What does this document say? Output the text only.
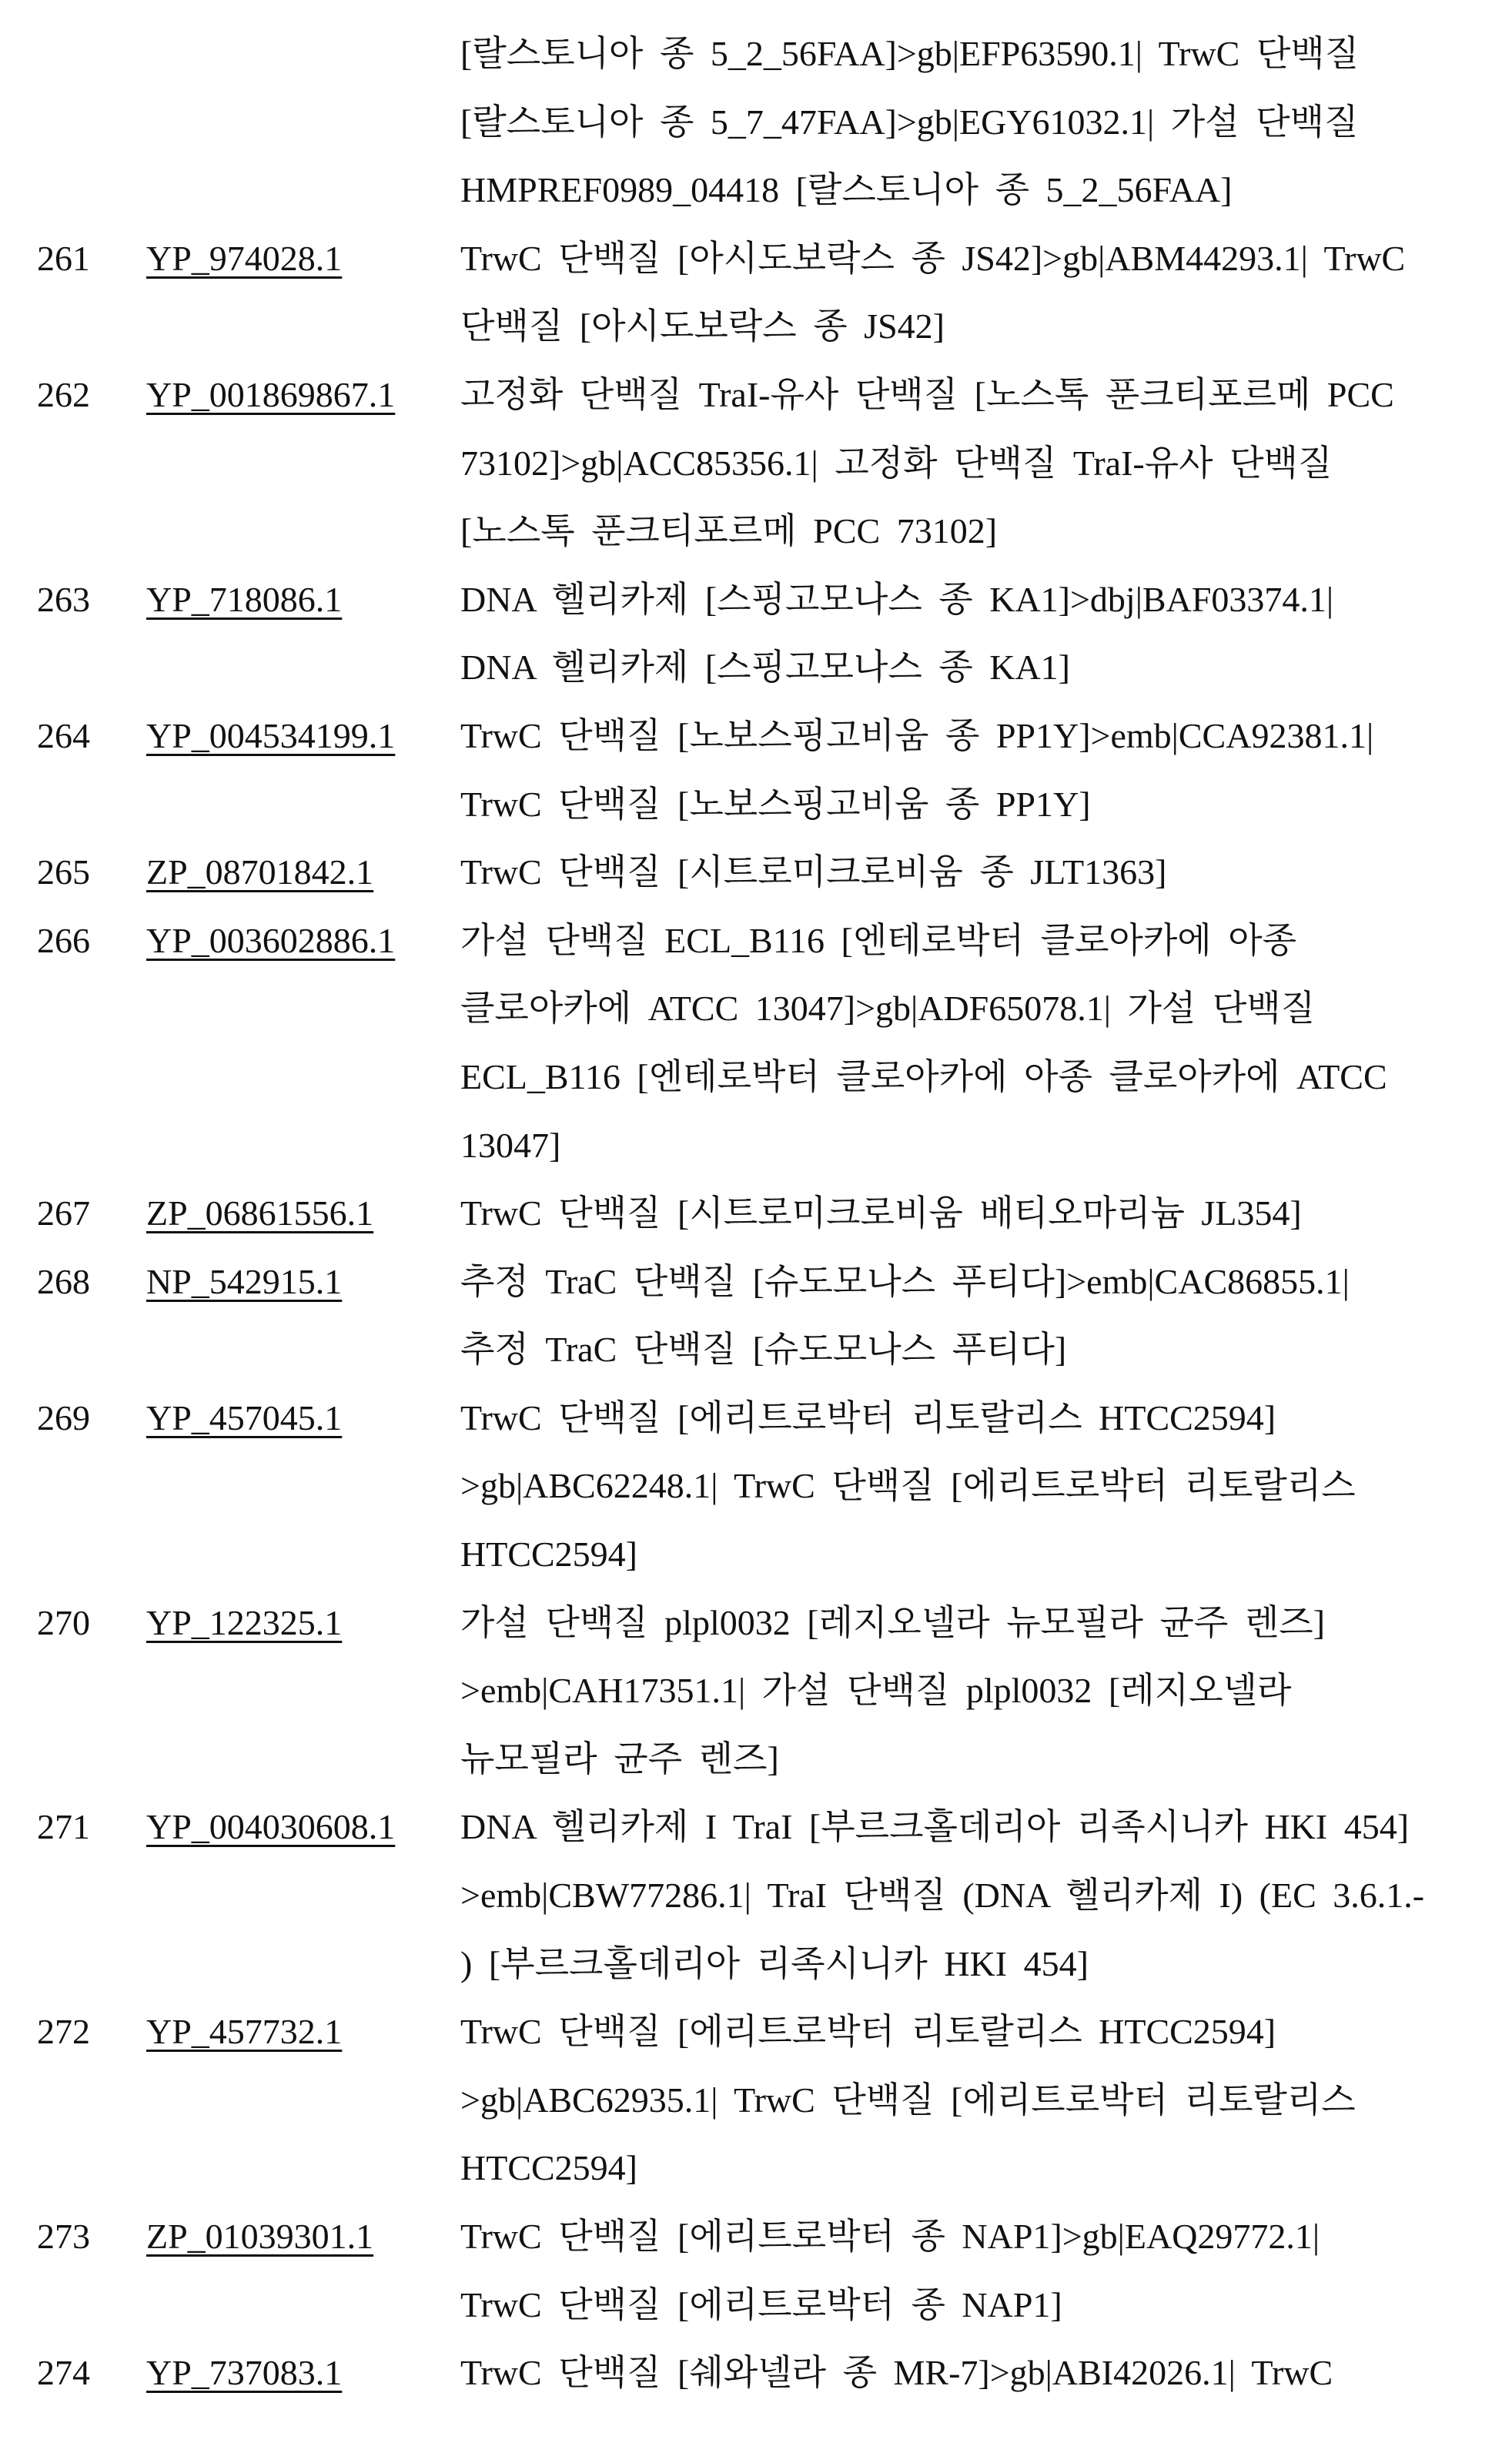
[랄스토니아 종 5_2_56FAA]>gb|EFP63590.1| TrwC 단백질
[랄스토니아 종 5_7_47FAA]>gb|EGY61032.1| 가설 단백질
HMPREF0989_04418 [랄스토니아 종 5_2_56FAA]
261	YP_974028.1	TrwC 단백질 [아시도보락스 종 JS42]>gb|ABM44293.1| TrwC
단백질 [아시도보락스 종 JS42]
262	YP_001869867.1	고정화 단백질 TraI-유사 단백질 [노스톡 푼크티포르메 PCC
73102]>gb|ACC85356.1| 고정화 단백질 TraI-유사 단백질
[노스톡 푼크티포르메 PCC 73102]
263	YP_718086.1	DNA 헬리카제 [스핑고모나스 종 KA1]>dbj|BAF03374.1|
DNA 헬리카제 [스핑고모나스 종 KA1]
264	YP_004534199.1	TrwC 단백질 [노보스핑고비움 종 PP1Y]>emb|CCA92381.1|
TrwC 단백질 [노보스핑고비움 종 PP1Y]
265	ZP_08701842.1	TrwC 단백질 [시트로미크로비움 종 JLT1363]
266	YP_003602886.1	가설 단백질 ECL_B116 [엔테로박터 클로아카에 아종
클로아카에 ATCC 13047]>gb|ADF65078.1| 가설 단백질
ECL_B116 [엔테로박터 클로아카에 아종 클로아카에 ATCC
13047]
267	ZP_06861556.1	TrwC 단백질 [시트로미크로비움 배티오마리늄 JL354]
268	NP_542915.1	추정 TraC 단백질 [슈도모나스 푸티다]>emb|CAC86855.1|
추정 TraC 단백질 [슈도모나스 푸티다]
269	YP_457045.1	TrwC 단백질 [에리트로박터 리토랄리스 HTCC2594]
>gb|ABC62248.1| TrwC 단백질 [에리트로박터 리토랄리스
HTCC2594]
270	YP_122325.1	가설 단백질 plpl0032 [레지오넬라 뉴모필라 균주 렌즈]
>emb|CAH17351.1| 가설 단백질 plpl0032 [레지오넬라
뉴모필라 균주 렌즈]
271	YP_004030608.1	DNA 헬리카제 I TraI [부르크홀데리아 리족시니카 HKI 454]
>emb|CBW77286.1| TraI 단백질 (DNA 헬리카제 I) (EC 3.6.1.-
) [부르크홀데리아 리족시니카 HKI 454]
272	YP_457732.1	TrwC 단백질 [에리트로박터 리토랄리스 HTCC2594]
>gb|ABC62935.1| TrwC 단백질 [에리트로박터 리토랄리스
HTCC2594]
273	ZP_01039301.1	TrwC 단백질 [에리트로박터 종 NAP1]>gb|EAQ29772.1|
TrwC 단백질 [에리트로박터 종 NAP1]
274	YP_737083.1	TrwC 단백질 [쉐와넬라 종 MR-7]>gb|ABI42026.1| TrwC
